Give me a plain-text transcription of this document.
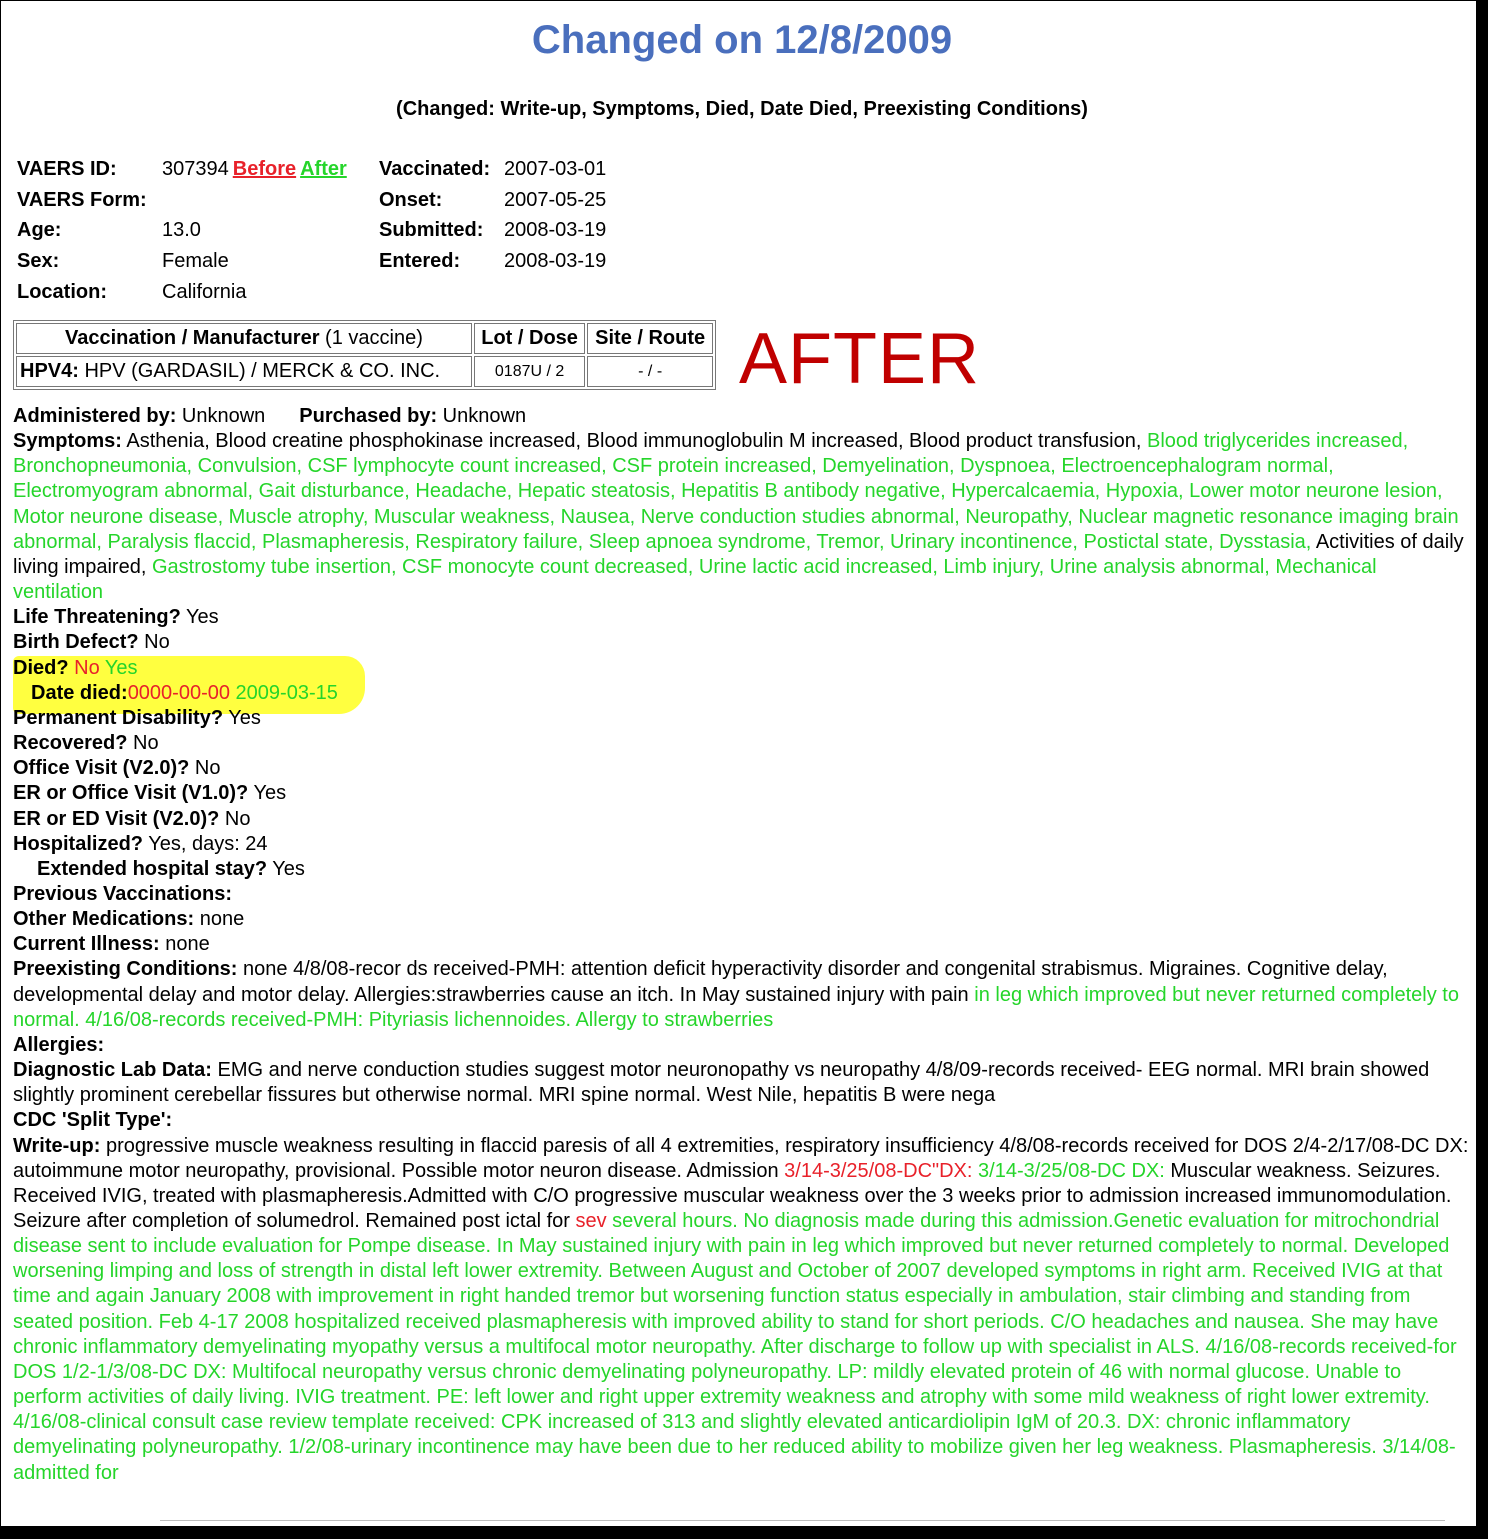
Changed on 12/8/2009
(Changed: Write-up, Symptoms, Died, Date Died, Preexisting Conditions)
VAERS ID:	307394 Before After
VAERS Form:
Age:	13.0
Sex:	Female
Location:	California
Vaccinated: 2007-03-01
Onset:	2007-05-25
Submitted:	2008-03-19
Entered:	2008-03-19
Vaccination / Manufacturer (1 vaccine)	Lot / Dose	Site / Route
HPV4: HPV (GARDASIL) / MERCK & CO. INC.	0187U / 2	- / - AFTER

Administered by: Unknown Purchased by: Unknown

Symptoms: Asthenia, Blood creatine phosphokinase increased, Blood immunoglobulin M increased, Blood product transfusion, Blood triglycerides increased, Bronchopneumonia, Convulsion, CSF lymphocyte count increased, CSF protein increased, Demyelination, Dyspnoea, Electroencephalogram normal, Electromyogram abnormal, Gait disturbance, Headache, Hepatic steatosis, Hepatitis B antibody negative, Hypercalcaemia, Hypoxia, Lower motor neurone lesion, Motor neurone disease, Muscle atrophy, Muscular weakness, Nausea, Nerve conduction studies abnormal, Neuropathy, Nuclear magnetic resonance imaging brain abnormal, Paralysis flaccid, Plasmapheresis, Respiratory failure, Sleep apnoea syndrome, Tremor, Urinary incontinence, Postictal state, Dysstasia, Activities of daily living impaired, Gastrostomy tube insertion, CSF monocyte count decreased, Urine lactic acid increased, Limb injury, Urine analysis abnormal, Mechanical ventilation

Life Threatening? Yes

Birth Defect? No

Died? No Yes

Date died:0000-00-00 2009-03-15

Permanent Disability? Yes

Recovered? No

Office Visit (V2.0)? No

ER or Office Visit (V1.0)? Yes

ER or ED Visit (V2.0)? No

Hospitalized? Yes, days: 24

Extended hospital stay? Yes

Previous Vaccinations:

Other Medications: none

Current Illness: none

Preexisting Conditions: none 4/8/08-recor ds received-PMH: attention deficit hyperactivity disorder and congenital strabismus. Migraines. Cognitive delay, developmental delay and motor delay. Allergies:strawberries cause an itch. In May sustained injury with pain in leg which improved but never returned completely to normal. 4/16/08-records received-PMH: Pityriasis lichennoides. Allergy to strawberries

Allergies:

Diagnostic Lab Data: EMG and nerve conduction studies suggest motor neuronopathy vs neuropathy 4/8/09-records received- EEG normal. MRI brain showed slightly prominent cerebellar fissures but otherwise normal. MRI spine normal. West Nile, hepatitis B were nega

CDC 'Split Type':

Write-up: progressive muscle weakness resulting in flaccid paresis of all 4 extremities, respiratory insufficiency 4/8/08-records received for DOS 2/4-2/17/08-DC DX: autoimmune motor neuropathy, provisional. Possible motor neuron disease. Admission 3/14-3/25/08-DC"DX: 3/14-3/25/08-DC DX: Muscular weakness. Seizures. Received IVIG, treated with plasmapheresis.Admitted with C/O progressive muscular weakness over the 3 weeks prior to admission increased immunomodulation. Seizure after completion of solumedrol. Remained post ictal for sev several hours. No diagnosis made during this admission.Genetic evaluation for mitrochondrial disease sent to include evaluation for Pompe disease. In May sustained injury with pain in leg which improved but never returned completely to normal. Developed worsening limping and loss of strength in distal left lower extremity. Between August and October of 2007 developed symptoms in right arm. Received IVIG at that time and again January 2008 with improvement in right handed tremor but worsening function status especially in ambulation, stair climbing and standing from seated position. Feb 4-17 2008 hospitalized received plasmapheresis with improved ability to stand for short periods. C/O headaches and nausea. She may have chronic inflammatory demyelinating myopathy versus a multifocal motor neuropathy. After discharge to follow up with specialist in ALS. 4/16/08-records received-for DOS 1/2-1/3/08-DC DX: Multifocal neuropathy versus chronic demyelinating polyneuropathy. LP: mildly elevated protein of 46 with normal glucose. Unable to perform activities of daily living. IVIG treatment. PE: left lower and right upper extremity weakness and atrophy with some mild weakness of right lower extremity. 4/16/08-clinical consult case review template received: CPK increased of 313 and slightly elevated anticardiolipin IgM of 20.3. DX: chronic inflammatory demyelinating polyneuropathy. 1/2/08-urinary incontinence may have been due to her reduced ability to mobilize given her leg weakness. Plasmapheresis. 3/14/08-admitted for
